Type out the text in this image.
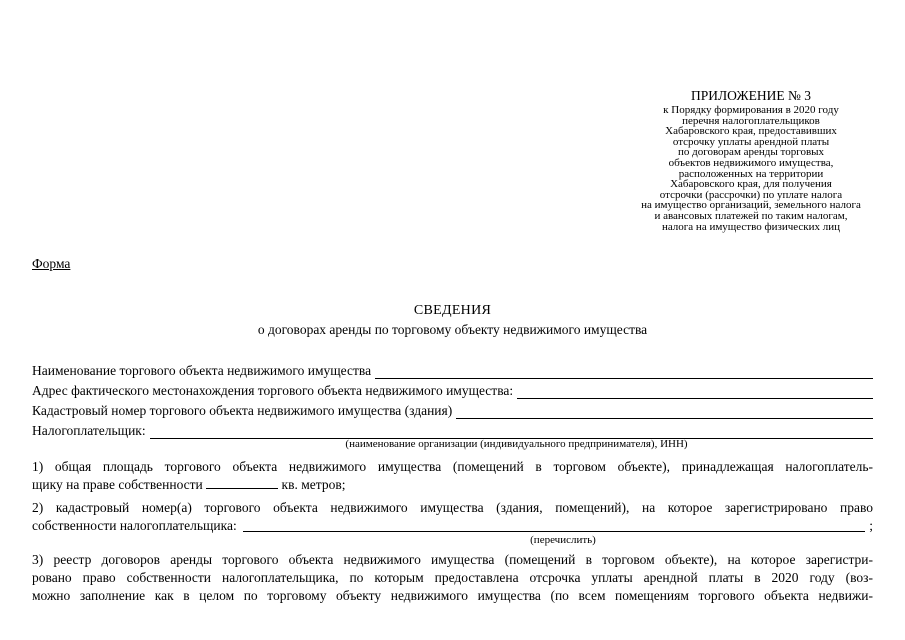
ПРИЛОЖЕНИЕ № 3
к Порядку формирования в 2020 году
перечня налогоплательщиков
Хабаровского края, предоставивших
отсрочку уплаты арендной платы
по договорам аренды торговых
объектов недвижимого имущества,
расположенных на территории
Хабаровского края, для получения
отсрочки (рассрочки) по уплате налога
на имущество организаций, земельного налога
и авансовых платежей по таким налогам,
налога на имущество физических лиц
Форма
СВЕДЕНИЯ
о договорах аренды по торговому объекту недвижимого имущества
Наименование торгового объекта недвижимого имущества
Адрес фактического местонахождения торгового объекта недвижимого имущества:
Кадастровый номер торгового объекта недвижимого имущества (здания)
Налогоплательщик:
(наименование организации (индивидуального предпринимателя), ИНН)
1) общая площадь торгового объекта недвижимого имущества (помещений в торговом объекте), принадлежащая налогоплатель-
щику на праве собственности	кв. метров;
2) кадастровый номер(а) торгового объекта недвижимого имущества (здания, помещений), на которое зарегистрировано право
собственности налогоплательщика:	;
(перечислить)
3) реестр договоров аренды торгового объекта недвижимого имущества (помещений в торговом объекте), на которое зарегистри-
ровано право собственности налогоплательщика, по которым предоставлена отсрочка уплаты арендной платы в 2020 году (воз-
можно заполнение как в целом по торговому объекту недвижимого имущества (по всем помещениям торгового объекта недвижи-
